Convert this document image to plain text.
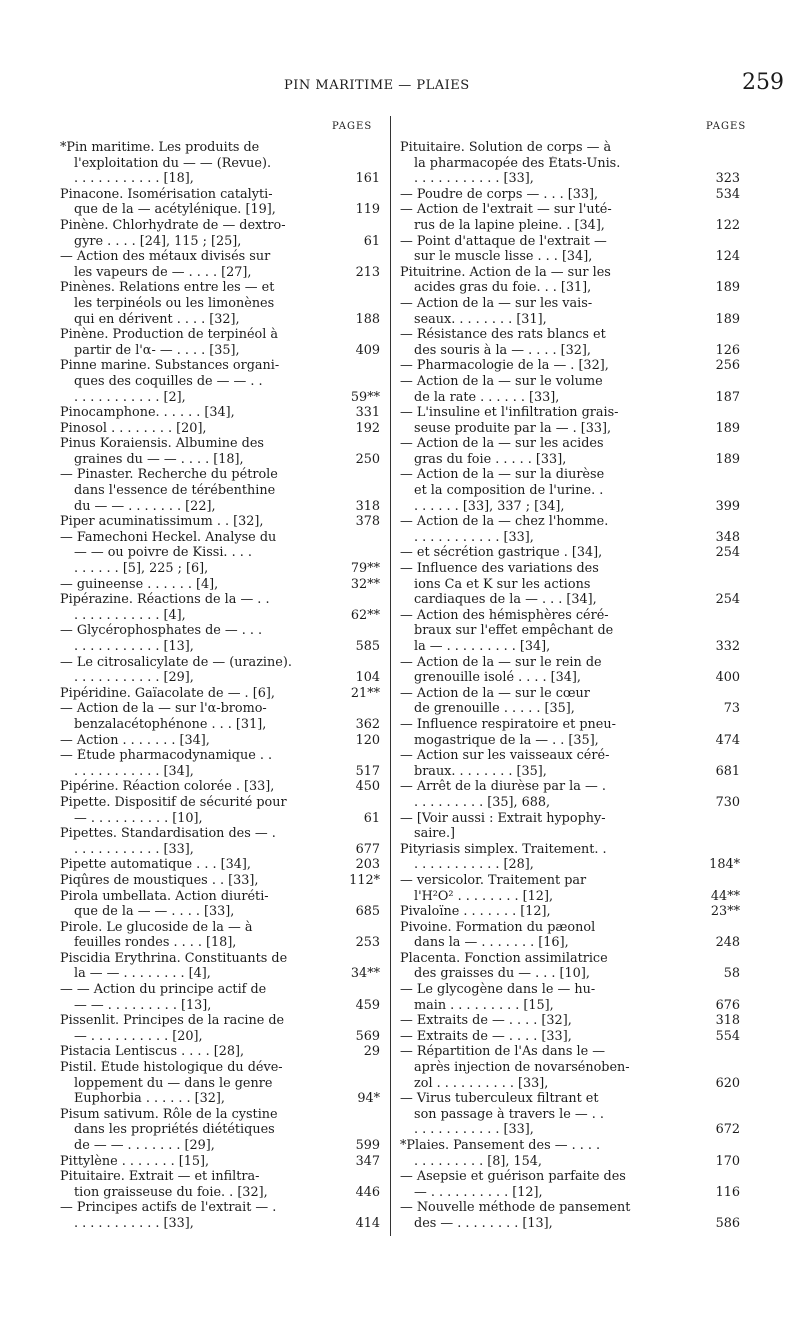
PIN MARITIME — PLAIES	259
PAGES	PAGES
*Pin maritime. Les produits de
l'exploitation du — — (Revue).
. . . . . . . . . . . [18],	161
Pinacone. Isomérisation catalyti-
que de la — acétylénique. [19],	119
Pinène. Chlorhydrate de — dextro-
gyre . . . . [24], 115 ; [25],	61
— Action des métaux divisés sur
les vapeurs de — . . . . [27],	213
Pinènes. Relations entre les — et
les terpinéols ou les limonènes
qui en dérivent . . . . [32],	188
Pinène. Production de terpinéol à
partir de l'α- — . . . . [35],	409
Pinne marine. Substances organi-
ques des coquilles de — — . .
. . . . . . . . . . . [2],	59**
Pinocamphone. . . . . . [34],	331
Pinosol . . . . . . . . [20],	192
Pinus Koraiensis. Albumine des
graines du — — . . . . [18],	250
— Pinaster. Recherche du pétrole
dans l'essence de térébenthine
du — — . . . . . . . [22],	318
Piper acuminatissimum . . [32],	378
— Famechoni Heckel. Analyse du
— — ou poivre de Kissi. . . .
. . . . . . [5], 225 ; [6],	79**
— guineense . . . . . . [4],	32**
Pipérazine. Réactions de la — . .
. . . . . . . . . . . [4],	62**
— Glycérophosphates de — . . .
. . . . . . . . . . . [13],	585
— Le citrosalicylate de — (urazine).
. . . . . . . . . . . [29],	104
Pipéridine. Gaïacolate de — . [6],	21**
— Action de la — sur l'α-bromo-
benzalacétophénone . . . [31],	362
— Action . . . . . . . [34],	120
— Étude pharmacodynamique . .
. . . . . . . . . . . [34],	517
Pipérine. Réaction colorée . [33],	450
Pipette. Dispositif de sécurité pour
— . . . . . . . . . . [10],	61
Pipettes. Standardisation des — .
. . . . . . . . . . . [33],	677
Pipette automatique . . . [34],	203
Piqûres de moustiques . . [33],	112*
Pirola umbellata. Action diuréti-
que de la — — . . . . [33],	685
Pirole. Le glucoside de la — à
feuilles rondes . . . . [18],	253
Piscidia Erythrina. Constituants de
la — — . . . . . . . . [4],	34**
— — Action du principe actif de
— — . . . . . . . . . [13],	459
Pissenlit. Principes de la racine de
— . . . . . . . . . . [20],	569
Pistacia Lentiscus . . . . [28],	29
Pistil. Étude histologique du déve-
loppement du — dans le genre
Euphorbia . . . . . . [32],	94*
Pisum sativum. Rôle de la cystine
dans les propriétés diététiques
de — — . . . . . . . [29],	599
Pittylène . . . . . . . [15],	347
Pituitaire. Extrait — et infiltra-
tion graisseuse du foie. . [32],	446
— Principes actifs de l'extrait — .
. . . . . . . . . . . [33],	414
Pituitaire. Solution de corps — à
la pharmacopée des États-Unis.
. . . . . . . . . . . [33],	323
— Poudre de corps — . . . [33],	534
— Action de l'extrait — sur l'uté-
rus de la lapine pleine. . [34],	122
— Point d'attaque de l'extrait —
sur le muscle lisse . . . [34],	124
Pituitrine. Action de la — sur les
acides gras du foie. . . [31],	189
— Action de la — sur les vais-
seaux. . . . . . . . [31],	189
— Résistance des rats blancs et
des souris à la — . . . . [32],	126
— Pharmacologie de la — . [32],	256
— Action de la — sur le volume
de la rate . . . . . . [33],	187
— L'insuline et l'infiltration grais-
seuse produite par la — . [33],	189
— Action de la — sur les acides
gras du foie . . . . . [33],	189
— Action de la — sur la diurèse
et la composition de l'urine. .
. . . . . . [33], 337 ; [34],	399
— Action de la — chez l'homme.
. . . . . . . . . . . [33],	348
— et sécrétion gastrique . [34],	254
— Influence des variations des
ions Ca et K sur les actions
cardiaques de la — . . . [34],	254
— Action des hémisphères céré-
braux sur l'effet empêchant de
la — . . . . . . . . . [34],	332
— Action de la — sur le rein de
grenouille isolé . . . . [34],	400
— Action de la — sur le cœur
de grenouille . . . . . [35],	73
— Influence respiratoire et pneu-
mogastrique de la — . . [35],	474
— Action sur les vaisseaux céré-
braux. . . . . . . . [35],	681
— Arrêt de la diurèse par la — .
. . . . . . . . . [35], 688,	730
— [Voir aussi : Extrait hypophy-
saire.]
Pityriasis simplex. Traitement. .
. . . . . . . . . . . [28],	184*
— versicolor. Traitement par
l'H²O² . . . . . . . . [12],	44**
Pivaloïne . . . . . . . [12],	23**
Pivoine. Formation du pæonol
dans la — . . . . . . . [16],	248
Placenta. Fonction assimilatrice
des graisses du — . . . [10],	58
— Le glycogène dans le — hu-
main . . . . . . . . . [15],	676
— Extraits de — . . . . [32],	318
— Extraits de — . . . . [33],	554
— Répartition de l'As dans le —
après injection de novarsénoben-
zol . . . . . . . . . . [33],	620
— Virus tuberculeux filtrant et
son passage à travers le — . .
. . . . . . . . . . . [33],	672
*Plaies. Pansement des — . . . .
. . . . . . . . . [8], 154,	170
— Asepsie et guérison parfaite des
— . . . . . . . . . . [12],	116
— Nouvelle méthode de pansement
des — . . . . . . . . [13],	586
